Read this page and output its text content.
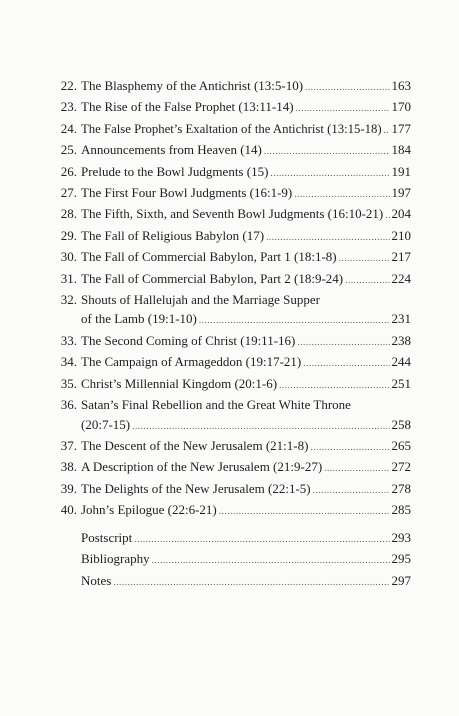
22. The Blasphemy of the Antichrist (13:5-10) .....	163
23. The Rise of the False Prophet (13:11-14) .....	170
24. The False Prophet’s Exaltation of the Antichrist (13:15-18) ..... 177
25. Announcements from Heaven (14) .....	184
26. Prelude to the Bowl Judgments (15) .....	191
27. The First Four Bowl Judgments (16:1-9) .....	197
28. The Fifth, Sixth, and Seventh Bowl Judgments (16:10-21) ..... 204
29. The Fall of Religious Babylon (17) .....	210
30. The Fall of Commercial Babylon, Part 1 (18:1-8) .....	217
31. The Fall of Commercial Babylon, Part 2 (18:9-24) .....	224
32. Shouts of Hallelujah and the Marriage Supper
of the Lamb (19:1-10) .....	231
33. The Second Coming of Christ (19:11-16) .....	238
34. The Campaign of Armageddon (19:17-21) .....	244
35. Christ’s Millennial Kingdom (20:1-6) .....	251
36. Satan’s Final Rebellion and the Great White Throne
(20:7-15) .....	258
37. The Descent of the New Jerusalem (21:1-8) .....	265
38. A Description of the New Jerusalem (21:9-27) .....	272
39. The Delights of the New Jerusalem (22:1-5) .....	278
40. John’s Epilogue (22:6-21) .....	285
Postscript .....	293
Bibliography .....	295
Notes .....	297
